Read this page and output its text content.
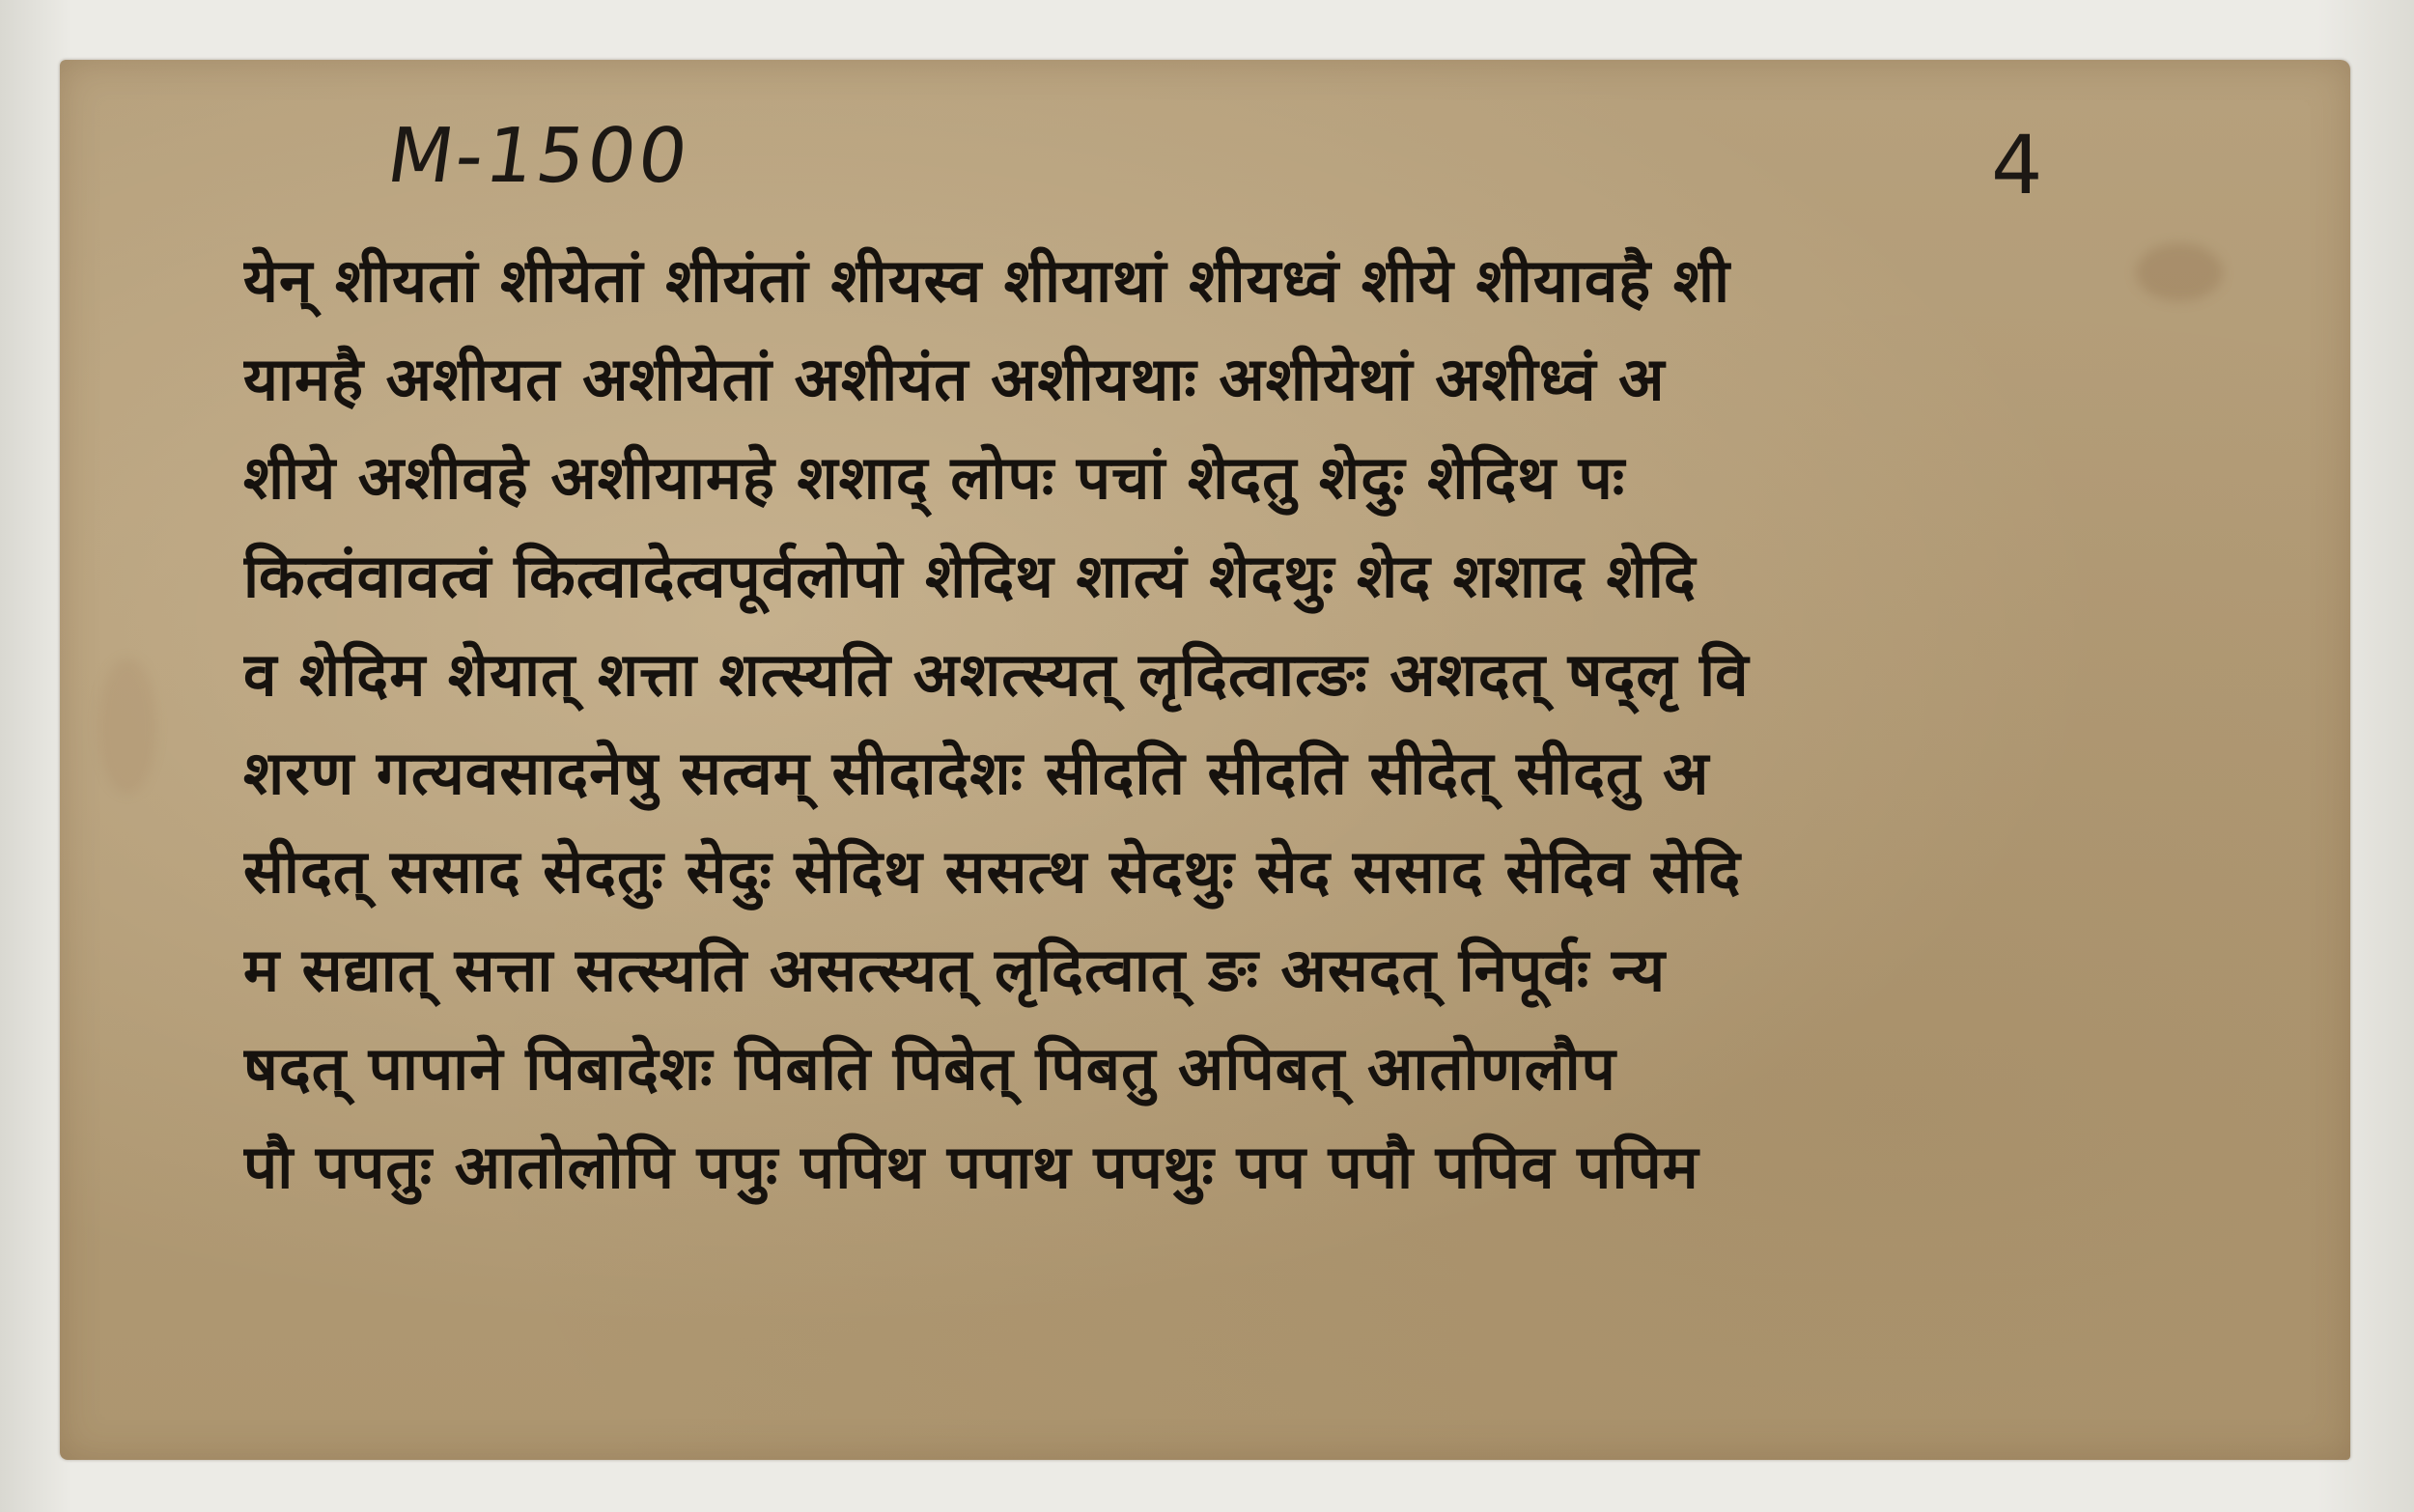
M-1500	4
येन् शीयतां शीयेतां शीयंतां शीयस्व शीयाथां शीयध्वं शीये शीयावहै शी
यामहै अशीयत अशीयेतां अशीयंत अशीयथाः अशीयेथां अशीध्वं अ
शीये अशीवहे अशीयामहे शशाद् लोपः पचां शेदतु शेदुः शेदिथ पः
कित्वंवावत्वं कित्वादेत्वपूर्वलोपो शेदिथ शात्यं शेदथुः शेद शशाद शेदि
व शेदिम शेयात् शत्ता शत्स्यति अशत्स्यत् लृदित्वात्ङः अशदत् षद्लृ वि
शरण गत्यवसादनेषु सत्वम् सीदादेशः सीदति सीदति सीदेत् सीदतु अ
सीदत् ससाद सेदतुः सेदुः सेदिथ ससत्थ सेदथुः सेद ससाद सेदिव सेदि
म सद्यात् सत्ता सत्स्यति असत्स्यत् लृदित्वात् ङः असदत् निपूर्वः न्य
षदत् पापाने पिबादेशः पिबति पिबेत् पिबतु अपिबत् आतोणलौप
पौ पपतुः आतोलोपि पपुः पपिथ पपाथ पपथुः पप पपौ पपिव पपिम
